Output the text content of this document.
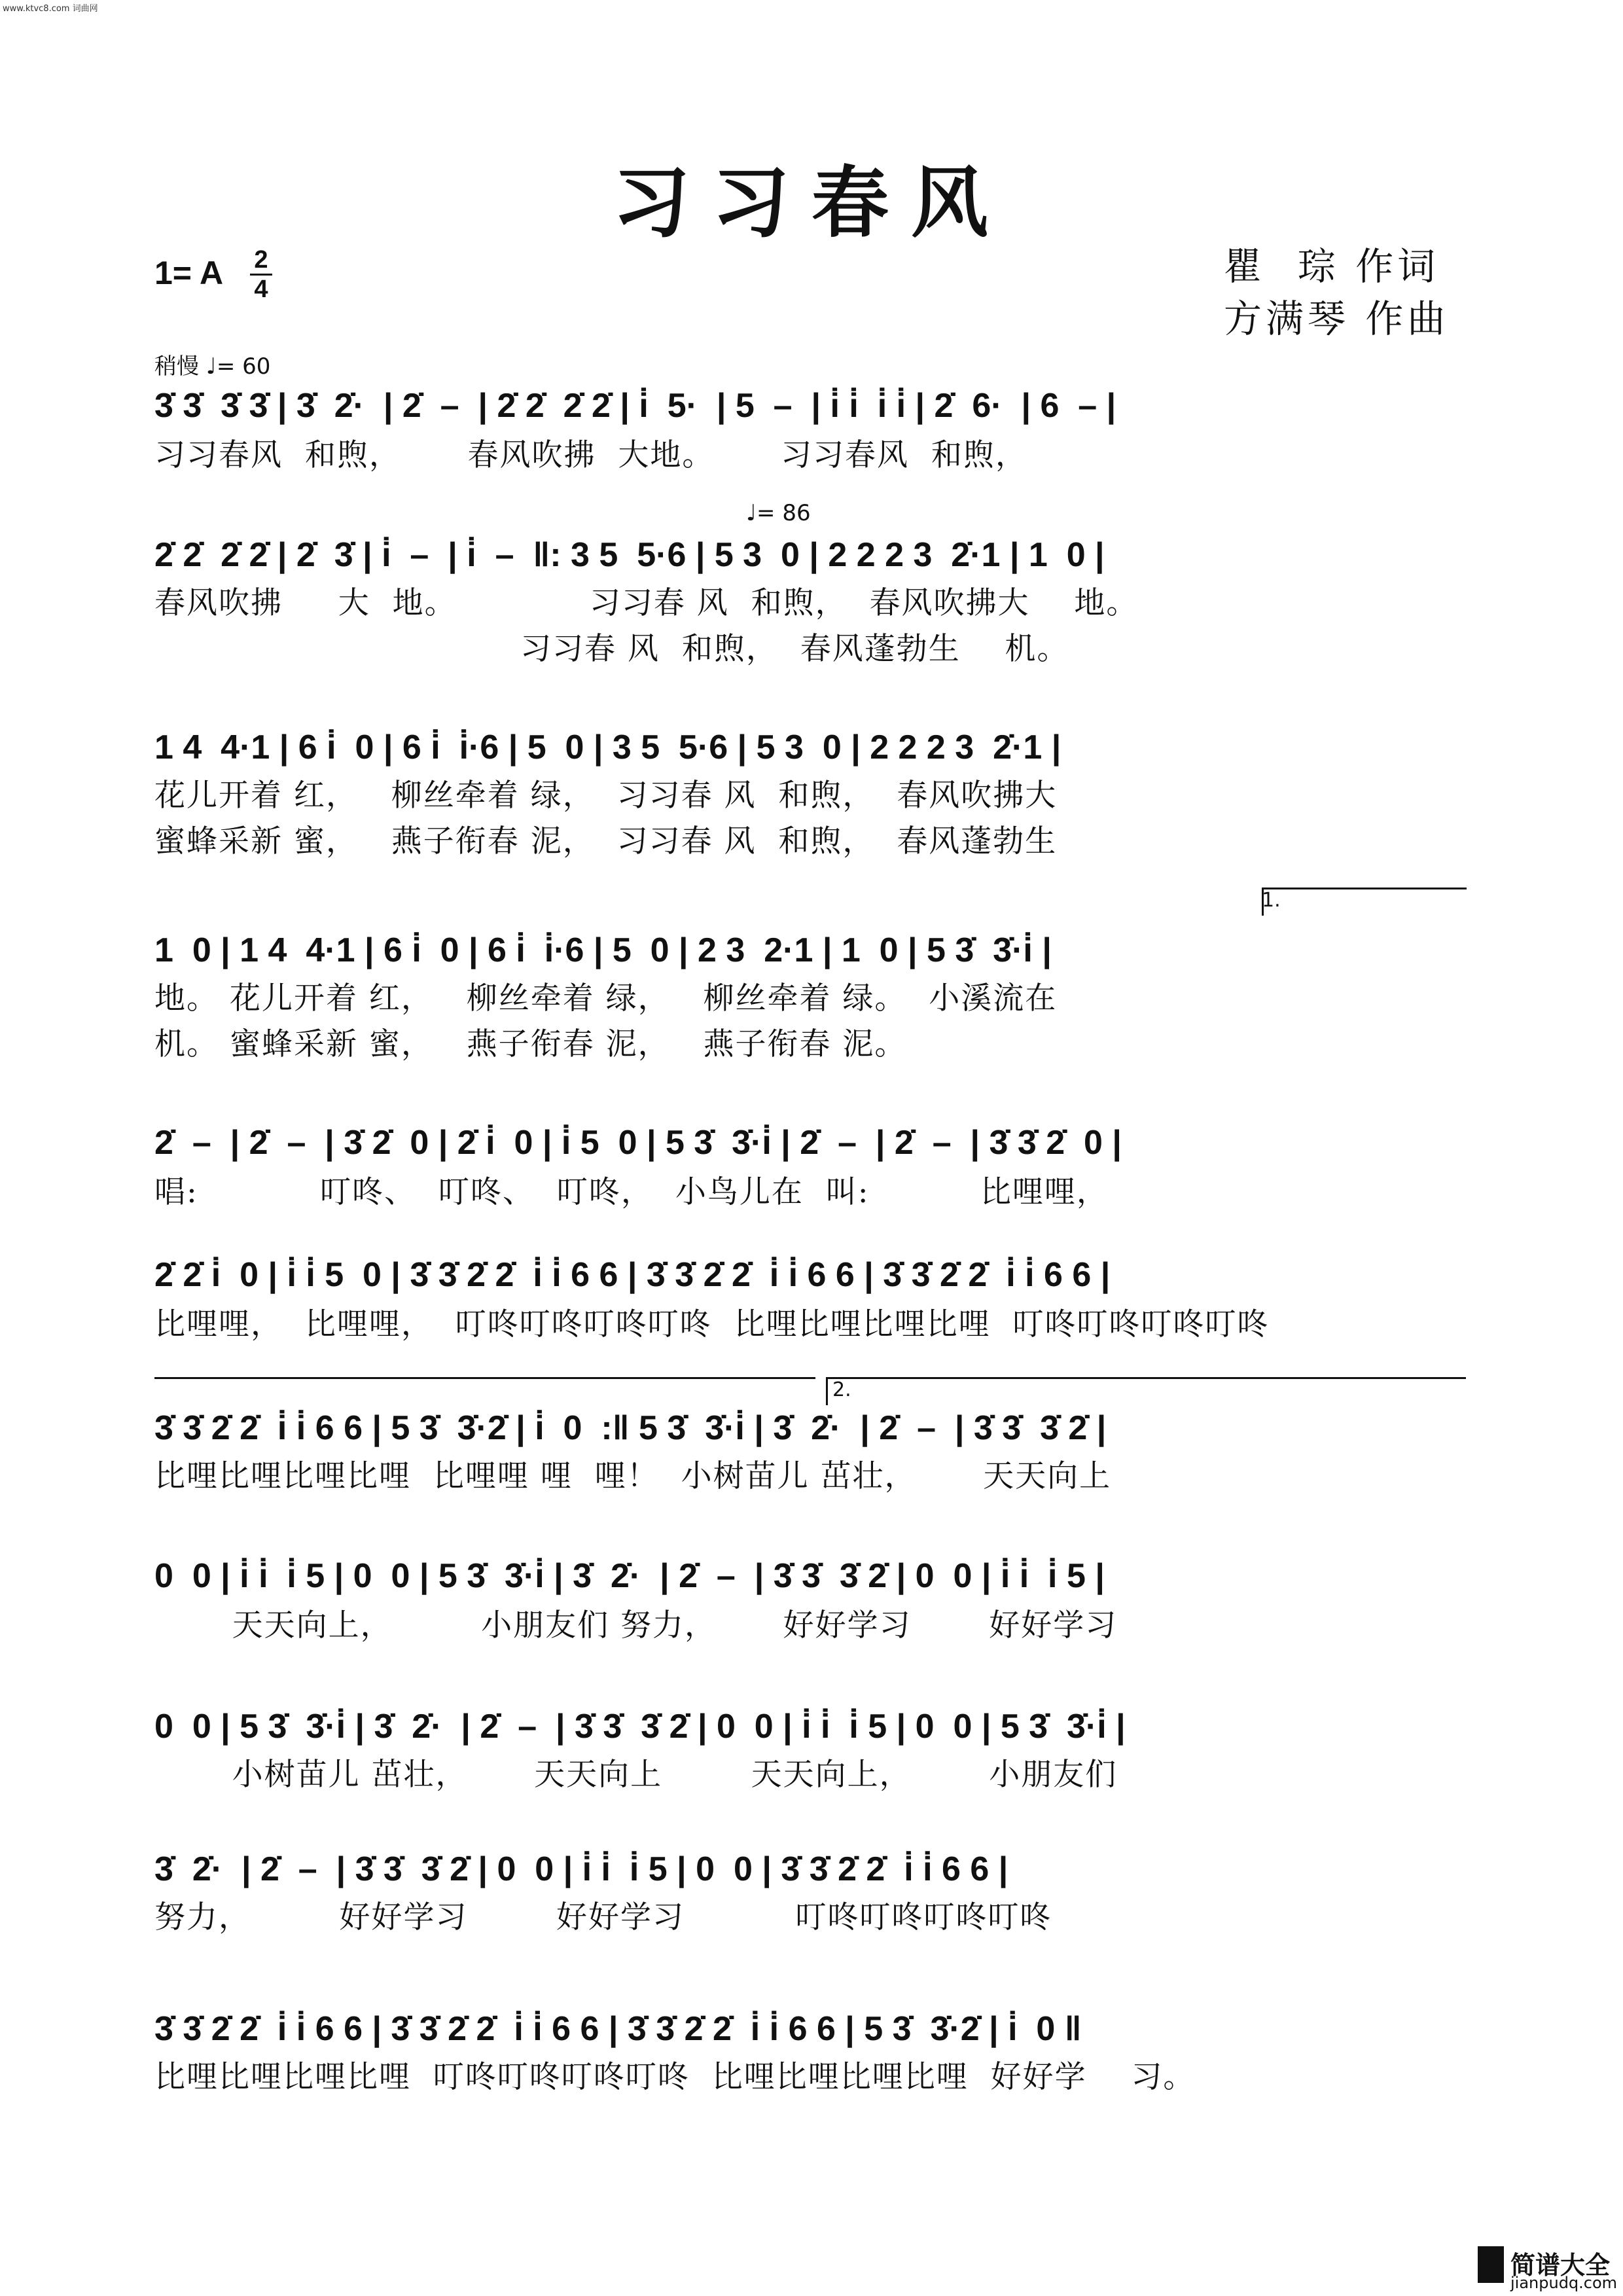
www.ktvc8.com 词曲网
习习春风
1= A 2
4
瞿  琮 作词
方满琴 作曲
稍慢 ♩= 60
♩= 86
3̇ 3̇  3̇ 3̇ | 3̇  2̇·  | 2̇  –  | 2̇ 2̇  2̇ 2̇ | i̇  5·  | 5  –  | i̇ i̇  i̇ i̇ | 2̇  6·  | 6  – |
习习春风  和煦，      春风吹拂  大地。      习习春风  和煦，
2̇ 2̇  2̇ 2̇ | 2̇  3̇ | i̇  –  | i̇  –  ‖: 3 5  5·6 | 5 3  0 | 2 2 2 3  2̇·1 | 1  0 |
春风吹拂     大  地。            习习春 风  和煦，  春风吹拂大    地。
习习春 风  和煦，  春风蓬勃生    机。
1 4  4·1 | 6 i̇  0 | 6 i̇  i̇·6 | 5  0 | 3 5  5·6 | 5 3  0 | 2 2 2 3  2̇·1 |
花儿开着 红，   柳丝牵着 绿，  习习春 风  和煦，  春风吹拂大
蜜蜂采新 蜜，   燕子衔春 泥，  习习春 风  和煦，  春风蓬勃生
1.
1  0 | 1 4  4·1 | 6 i̇  0 | 6 i̇  i̇·6 | 5  0 | 2 3  2·1 | 1  0 | 5 3̇  3̇·i̇ |
地。 花儿开着 红，   柳丝牵着 绿，   柳丝牵着 绿。  小溪流在
机。 蜜蜂采新 蜜，   燕子衔春 泥，   燕子衔春 泥。
2̇  –  | 2̇  –  | 3̇ 2̇  0 | 2̇ i̇  0 | i̇ 5  0 | 5 3̇  3̇·i̇ | 2̇  –  | 2̇  –  | 3̇ 3̇ 2̇  0 |
唱:           叮咚、  叮咚、  叮咚，  小鸟儿在  叫:          比哩哩，
2̇ 2̇ i̇  0 | i̇ i̇ 5  0 | 3̇ 3̇ 2̇ 2̇  i̇ i̇ 6 6 | 3̇ 3̇ 2̇ 2̇  i̇ i̇ 6 6 | 3̇ 3̇ 2̇ 2̇  i̇ i̇ 6 6 |
比哩哩，  比哩哩，  叮咚叮咚叮咚叮咚  比哩比哩比哩比哩  叮咚叮咚叮咚叮咚
2.
3̇ 3̇ 2̇ 2̇  i̇ i̇ 6 6 | 5 3̇  3̇·2̇ | i̇  0  :‖ 5 3̇  3̇·i̇ | 3̇  2̇·  | 2̇  –  | 3̇ 3̇  3̇ 2̇ |
比哩比哩比哩比哩  比哩哩 哩  哩！  小树苗儿 茁壮，      天天向上
0  0 | i̇ i̇  i̇ 5 | 0  0 | 5 3̇  3̇·i̇ | 3̇  2̇·  | 2̇  –  | 3̇ 3̇  3̇ 2̇ | 0  0 | i̇ i̇  i̇ 5 |
天天向上，        小朋友们 努力，      好好学习       好好学习
0  0 | 5 3̇  3̇·i̇ | 3̇  2̇·  | 2̇  –  | 3̇ 3̇  3̇ 2̇ | 0  0 | i̇ i̇  i̇ 5 | 0  0 | 5 3̇  3̇·i̇ |
小树苗儿 茁壮，      天天向上        天天向上，       小朋友们
3̇  2̇·  | 2̇  –  | 3̇ 3̇  3̇ 2̇ | 0  0 | i̇ i̇  i̇ 5 | 0  0 | 3̇ 3̇ 2̇ 2̇  i̇ i̇ 6 6 |
努力，        好好学习        好好学习          叮咚叮咚叮咚叮咚
3̇ 3̇ 2̇ 2̇  i̇ i̇ 6 6 | 3̇ 3̇ 2̇ 2̇  i̇ i̇ 6 6 | 3̇ 3̇ 2̇ 2̇  i̇ i̇ 6 6 | 5 3̇  3̇·2̇ | i̇  0 ‖
比哩比哩比哩比哩  叮咚叮咚叮咚叮咚  比哩比哩比哩比哩  好好学    习。
简谱大全
jianpudq.com
